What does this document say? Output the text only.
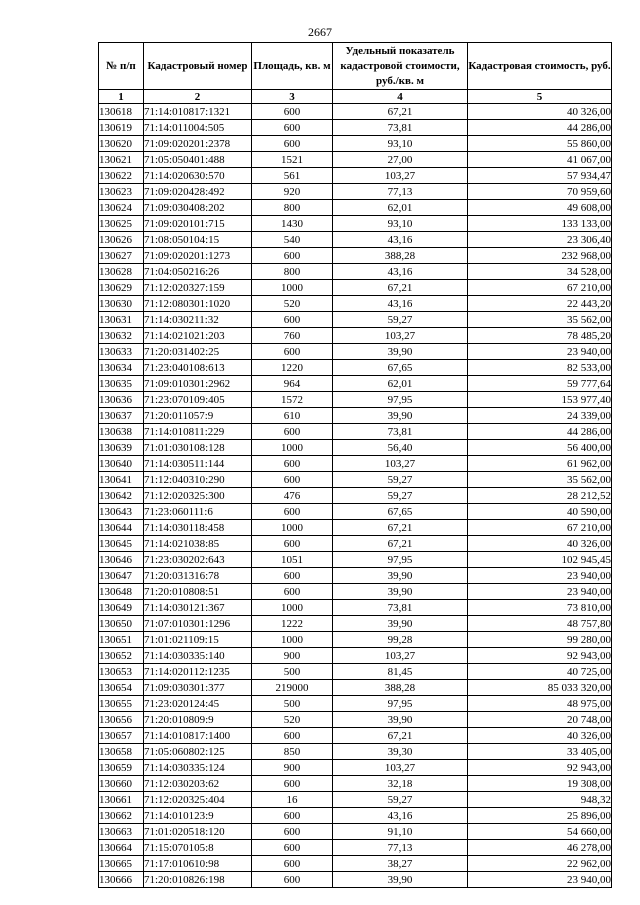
2667
№ п/п	Кадастровый номер	Площадь, кв. м	Удельный показатель кадастровой стоимости, руб./кв. м	Кадастровая стоимость, руб.
1	2	3	4	5
130618	71:14:010817:1321	600	67,21	40 326,00
130619	71:14:011004:505	600	73,81	44 286,00
130620	71:09:020201:2378	600	93,10	55 860,00
130621	71:05:050401:488	1521	27,00	41 067,00
130622	71:14:020630:570	561	103,27	57 934,47
130623	71:09:020428:492	920	77,13	70 959,60
130624	71:09:030408:202	800	62,01	49 608,00
130625	71:09:020101:715	1430	93,10	133 133,00
130626	71:08:050104:15	540	43,16	23 306,40
130627	71:09:020201:1273	600	388,28	232 968,00
130628	71:04:050216:26	800	43,16	34 528,00
130629	71:12:020327:159	1000	67,21	67 210,00
130630	71:12:080301:1020	520	43,16	22 443,20
130631	71:14:030211:32	600	59,27	35 562,00
130632	71:14:021021:203	760	103,27	78 485,20
130633	71:20:031402:25	600	39,90	23 940,00
130634	71:23:040108:613	1220	67,65	82 533,00
130635	71:09:010301:2962	964	62,01	59 777,64
130636	71:23:070109:405	1572	97,95	153 977,40
130637	71:20:011057:9	610	39,90	24 339,00
130638	71:14:010811:229	600	73,81	44 286,00
130639	71:01:030108:128	1000	56,40	56 400,00
130640	71:14:030511:144	600	103,27	61 962,00
130641	71:12:040310:290	600	59,27	35 562,00
130642	71:12:020325:300	476	59,27	28 212,52
130643	71:23:060111:6	600	67,65	40 590,00
130644	71:14:030118:458	1000	67,21	67 210,00
130645	71:14:021038:85	600	67,21	40 326,00
130646	71:23:030202:643	1051	97,95	102 945,45
130647	71:20:031316:78	600	39,90	23 940,00
130648	71:20:010808:51	600	39,90	23 940,00
130649	71:14:030121:367	1000	73,81	73 810,00
130650	71:07:010301:1296	1222	39,90	48 757,80
130651	71:01:021109:15	1000	99,28	99 280,00
130652	71:14:030335:140	900	103,27	92 943,00
130653	71:14:020112:1235	500	81,45	40 725,00
130654	71:09:030301:377	219000	388,28	85 033 320,00
130655	71:23:020124:45	500	97,95	48 975,00
130656	71:20:010809:9	520	39,90	20 748,00
130657	71:14:010817:1400	600	67,21	40 326,00
130658	71:05:060802:125	850	39,30	33 405,00
130659	71:14:030335:124	900	103,27	92 943,00
130660	71:12:030203:62	600	32,18	19 308,00
130661	71:12:020325:404	16	59,27	948,32
130662	71:14:010123:9	600	43,16	25 896,00
130663	71:01:020518:120	600	91,10	54 660,00
130664	71:15:070105:8	600	77,13	46 278,00
130665	71:17:010610:98	600	38,27	22 962,00
130666	71:20:010826:198	600	39,90	23 940,00
